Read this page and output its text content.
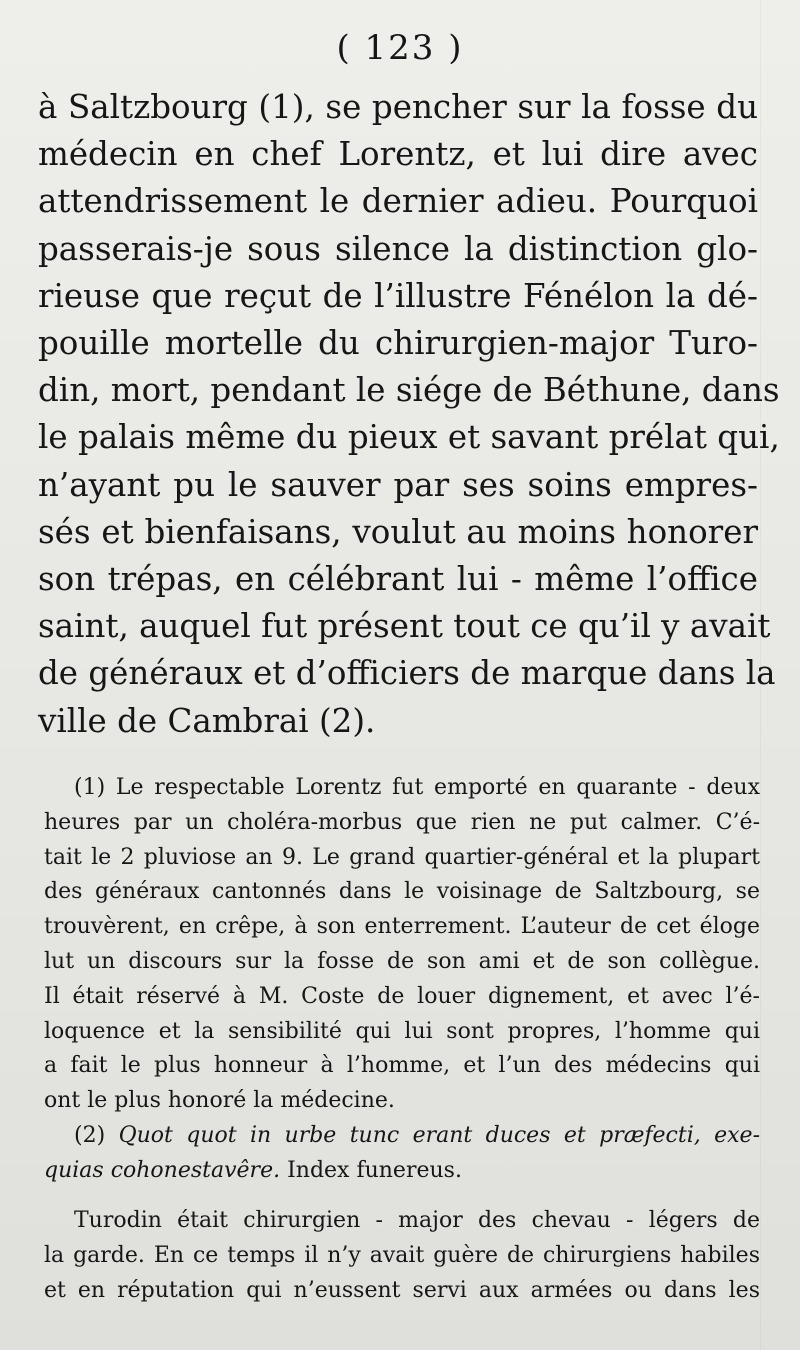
( 123 )
à Saltzbourg (1), se pencher sur la fosse du
médecin en chef Lorentz, et lui dire avec
attendrissement le dernier adieu. Pourquoi
passerais-je sous silence la distinction glo-
rieuse que reçut de l’illustre Fénélon la dé-
pouille mortelle du chirurgien-major Turo-
din, mort, pendant le siége de Béthune, dans
le palais même du pieux et savant prélat qui,
n’ayant pu le sauver par ses soins empres-
sés et bienfaisans, voulut au moins honorer
son trépas, en célébrant lui - même l’office
saint, auquel fut présent tout ce qu’il y avait
de généraux et d’officiers de marque dans la
ville de Cambrai (2).
(1) Le respectable Lorentz fut emporté en quarante - deux
heures par un choléra-morbus que rien ne put calmer. C’é-
tait le 2 pluviose an 9. Le grand quartier-général et la plupart
des généraux cantonnés dans le voisinage de Saltzbourg, se
trouvèrent, en crêpe, à son enterrement. L’auteur de cet éloge
lut un discours sur la fosse de son ami et de son collègue.
Il était réservé à M. Coste de louer dignement, et avec l’é-
loquence et la sensibilité qui lui sont propres, l’homme qui
a fait le plus honneur à l’homme, et l’un des médecins qui
ont le plus honoré la médecine.
(2) Quot quot in urbe tunc erant duces et præfecti, exe-
quias cohonestavêre. Index funereus.
Turodin était chirurgien - major des chevau - légers de
la garde. En ce temps il n’y avait guère de chirurgiens habiles
et en réputation qui n’eussent servi aux armées ou dans les
